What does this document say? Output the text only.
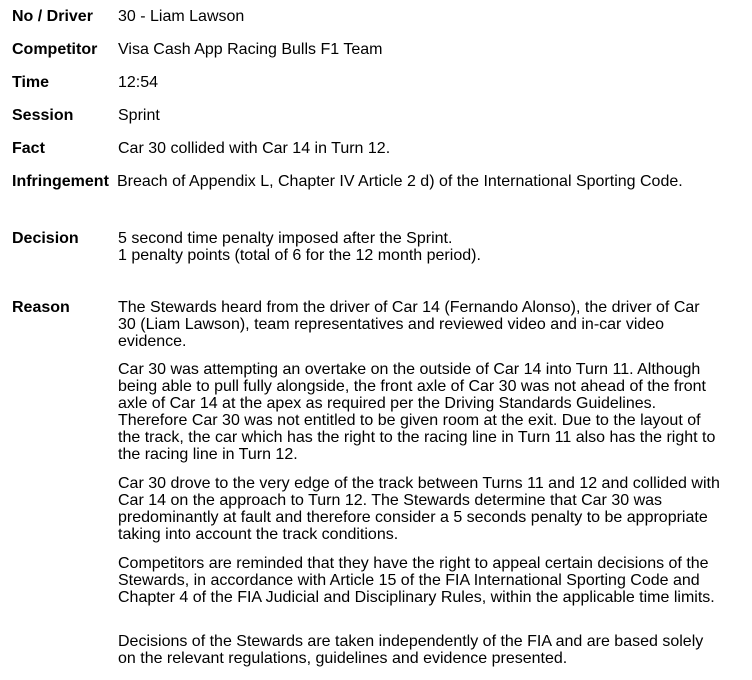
No / Driver 30 - Liam Lawson
Competitor Visa Cash App Racing Bulls F1 Team
Time	12:54
Session	Sprint
Fact	Car 30 collided with Car 14 in Turn 12.
Infringement Breach of Appendix L, Chapter IV Article 2 d) of the International Sporting Code.
Decision 5 second time penalty imposed after the Sprint.
1 penalty points (total of 6 for the 12 month period).
Reason	The Stewards heard from the driver of Car 14 (Fernando Alonso), the driver of Car
30 (Liam Lawson), team representatives and reviewed video and in-car video
evidence.
Car 30 was attempting an overtake on the outside of Car 14 into Turn 11. Although
being able to pull fully alongside, the front axle of Car 30 was not ahead of the front
axle of Car 14 at the apex as required per the Driving Standards Guidelines.
Therefore Car 30 was not entitled to be given room at the exit. Due to the layout of
the track, the car which has the right to the racing line in Turn 11 also has the right to
the racing line in Turn 12.
Car 30 drove to the very edge of the track between Turns 11 and 12 and collided with
Car 14 on the approach to Turn 12. The Stewards determine that Car 30 was
predominantly at fault and therefore consider a 5 seconds penalty to be appropriate
taking into account the track conditions.
Competitors are reminded that they have the right to appeal certain decisions of the
Stewards, in accordance with Article 15 of the FIA International Sporting Code and
Chapter 4 of the FIA Judicial and Disciplinary Rules, within the applicable time limits.
Decisions of the Stewards are taken independently of the FIA and are based solely
on the relevant regulations, guidelines and evidence presented.
